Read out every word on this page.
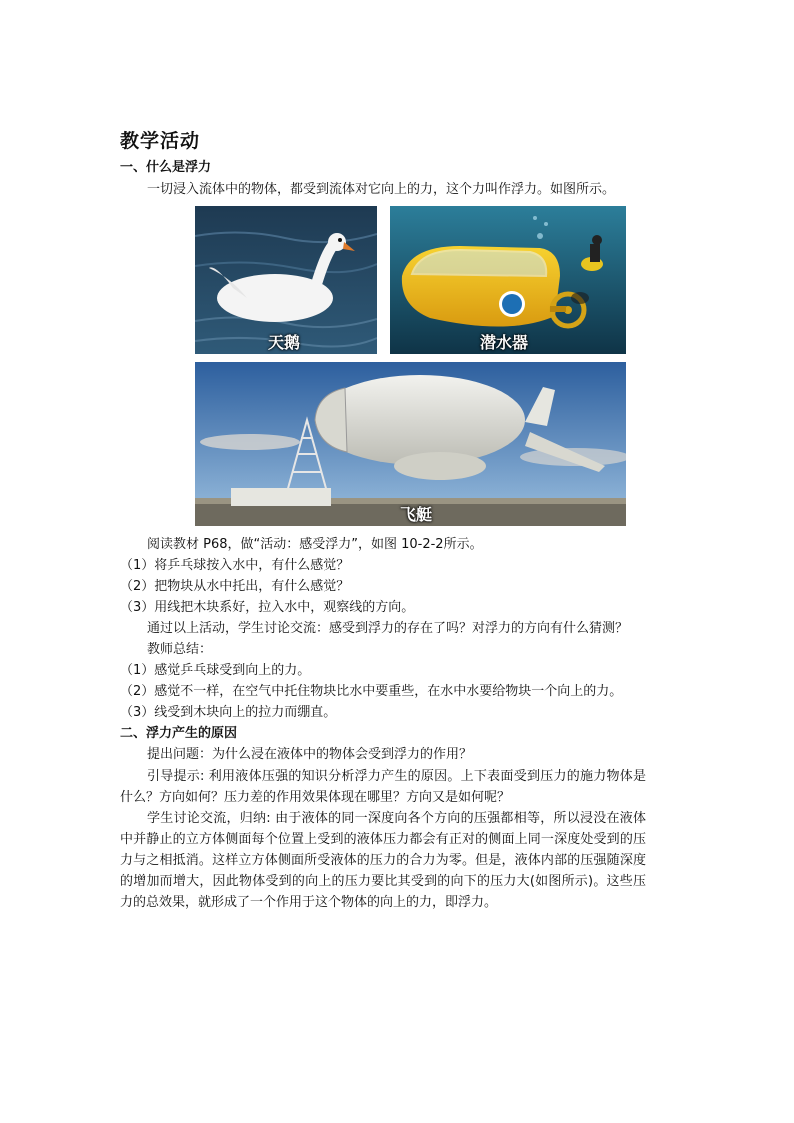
教学活动
一、什么是浮力
一切浸入流体中的物体，都受到流体对它向上的力，这个力叫作浮力。如图所示。
天鹅	潜水器
飞艇
阅读教材 P68，做“活动：感受浮力”，如图 10-2-2所示。
（1）将乒乓球按入水中，有什么感觉？
（2）把物块从水中托出，有什么感觉？
（3）用线把木块系好，拉入水中，观察线的方向。
通过以上活动，学生讨论交流：感受到浮力的存在了吗？对浮力的方向有什么猜测？
教师总结：
（1）感觉乒乓球受到向上的力。
（2）感觉不一样，在空气中托住物块比水中要重些，在水中水要给物块一个向上的力。
（3）线受到木块向上的拉力而绷直。
二、浮力产生的原因
提出问题：为什么浸在液体中的物体会受到浮力的作用？
引导提示: 利用液体压强的知识分析浮力产生的原因。上下表面受到压力的施力物体是什么？方向如何？压力差的作用效果体现在哪里？方向又是如何呢？
学生讨论交流，归纳: 由于液体的同一深度向各个方向的压强都相等，所以浸没在液体中并静止的立方体侧面每个位置上受到的液体压力都会有正对的侧面上同一深度处受到的压力与之相抵消。这样立方体侧面所受液体的压力的合力为零。但是，液体内部的压强随深度的增加而增大，因此物体受到的向上的压力要比其受到的向下的压力大(如图所示)。这些压力的总效果，就形成了一个作用于这个物体的向上的力，即浮力。
